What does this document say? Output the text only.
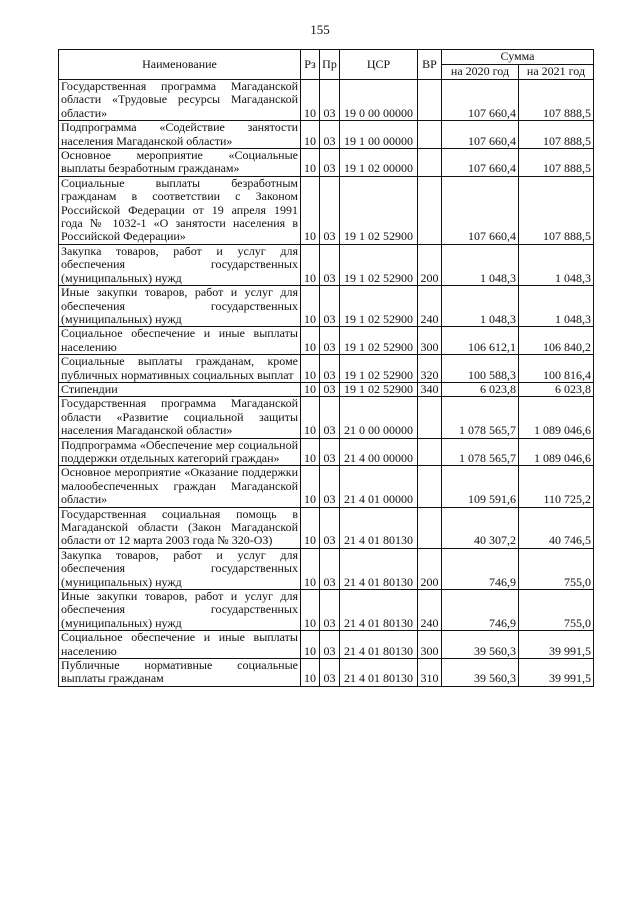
155
Наименование	Рз	Пр	ЦСР	ВР	Сумма	
					на 2020 год	на 2021 год
Государственная программа Магаданской области «Трудовые ресурсы Магаданской области»	10	03	19 0 00 00000		107 660,4	107 888,5
Подпрограмма «Содействие занятости населения Магаданской области»	10	03	19 1 00 00000		107 660,4	107 888,5
Основное мероприятие «Социальные выплаты безработным гражданам»	10	03	19 1 02 00000		107 660,4	107 888,5
Социальные выплаты безработным гражданам в соответствии с Законом Российской Федерации от 19 апреля 1991 года № 1032-1 «О занятости населения в Российской Федерации»	10	03	19 1 02 52900		107 660,4	107 888,5
Закупка товаров, работ и услуг для обеспечения государственных (муниципальных) нужд	10	03	19 1 02 52900	200	1 048,3	1 048,3
Иные закупки товаров, работ и услуг для обеспечения государственных (муниципальных) нужд	10	03	19 1 02 52900	240	1 048,3	1 048,3
Социальное обеспечение и иные выплаты населению	10	03	19 1 02 52900	300	106 612,1	106 840,2
Социальные выплаты гражданам, кроме публичных нормативных социальных выплат	10	03	19 1 02 52900	320	100 588,3	100 816,4
Стипендии	10	03	19 1 02 52900	340	6 023,8	6 023,8
Государственная программа Магаданской области «Развитие социальной защиты населения Магаданской области»	10	03	21 0 00 00000		1 078 565,7	1 089 046,6
Подпрограмма «Обеспечение мер социальной поддержки отдельных категорий граждан»	10	03	21 4 00 00000		1 078 565,7	1 089 046,6
Основное мероприятие «Оказание поддержки малообеспеченных граждан Магаданской области»	10	03	21 4 01 00000		109 591,6	110 725,2
Государственная социальная помощь в Магаданской области (Закон Магаданской области от 12 марта 2003 года № 320-ОЗ)	10	03	21 4 01 80130		40 307,2	40 746,5
Закупка товаров, работ и услуг для обеспечения государственных (муниципальных) нужд	10	03	21 4 01 80130	200	746,9	755,0
Иные закупки товаров, работ и услуг для обеспечения государственных (муниципальных) нужд	10	03	21 4 01 80130	240	746,9	755,0
Социальное обеспечение и иные выплаты населению	10	03	21 4 01 80130	300	39 560,3	39 991,5
Публичные нормативные социальные выплаты гражданам	10	03	21 4 01 80130	310	39 560,3	39 991,5
